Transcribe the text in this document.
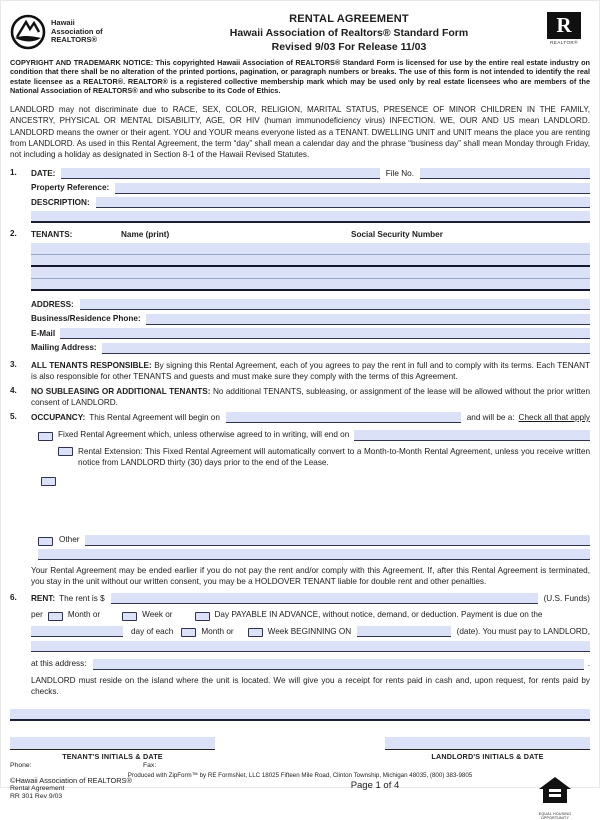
Hawaii
Association of
REALTORS®
RENTAL AGREEMENT
Hawaii Association of Realtors® Standard Form
Revised 9/03 For Release 11/03
R
REALTOR®
COPYRIGHT AND TRADEMARK NOTICE: This copyrighted Hawaii Association of REALTORS® Standard Form is licensed for use by the entire real estate industry on condition that there shall be no alteration of the printed portions, pagination, or paragraph numbers or breaks. The use of this form is not intended to identify the real estate licensee as a REALTOR®. REALTOR® is a registered collective membership mark which may be used only by real estate licensees who are members of the National Association of REALTORS® and who subscribe to its Code of Ethics.
LANDLORD may not discriminate due to RACE, SEX, COLOR, RELIGION, MARITAL STATUS, PRESENCE OF MINOR CHILDREN IN THE FAMILY, ANCESTRY, PHYSICAL OR MENTAL DISABILITY, AGE, OR HIV (human immunodeficiency virus) INFECTION. WE, OUR AND US mean LANDLORD. LANDLORD means the owner or their agent. YOU and YOUR means everyone listed as a TENANT. DWELLING UNIT and UNIT means the place you are renting from LANDLORD. As used in this Rental Agreement, the term “day” shall mean a calendar day and the phrase “business day” shall mean Monday through Friday, not including a holiday as designated in Section 8-1 of the Hawaii Revised Statutes.
1.	DATE:	File No.
Property Reference:
DESCRIPTION:
2.	TENANTS:	Name (print)	Social Security Number
ADDRESS:
Business/Residence Phone:
E-Mail
Mailing Address:
3.	ALL TENANTS RESPONSIBLE: By signing this Rental Agreement, each of you agrees to pay the rent in full and to comply with its terms. Each TENANT is also responsible for other TENANTS and guests and must make sure they comply with the terms of this Agreement.
4.	NO SUBLEASING OR ADDITIONAL TENANTS: No additional TENANTS, subleasing, or assignment of the lease will be allowed without the prior written consent of LANDLORD.
5.	OCCUPANCY: This Rental Agreement will begin on	and will be a: Check all that apply
Fixed Rental Agreement which, unless otherwise agreed to in writing, will end on
Rental Extension: This Fixed Rental Agreement will automatically convert to a Month-to-Month Rental Agreement, unless you receive written notice from LANDLORD thirty (30) days prior to the end of the Lease.
Other
Your Rental Agreement may be ended earlier if you do not pay the rent and/or comply with this Agreement. If, after this Rental Agreement is terminated, you stay in the unit without our written consent, you may be a HOLDOVER TENANT liable for double rent and other penalties.
6.	RENT: The rent is $	(U.S. Funds)
per	Month or	Week or	Day PAYABLE IN ADVANCE, without notice, demand, or deduction. Payment is due on the
day of each	Month or	Week BEGINNING ON	(date). You must pay to LANDLORD,
at this address:	.
LANDLORD must reside on the island where the unit is located. We will give you a receipt for rents paid in cash and, upon request, for rents paid by checks.
TENANT'S INITIALS & DATE	LANDLORD'S INITIALS & DATE
©Hawaii Association of REALTORS®
Rental Agreement
RR 301 Rev 9/03
Page 1 of 4
EQUAL HOUSING OPPORTUNITY
Phone:	Fax:
Produced with ZipForm™ by RE FormsNet, LLC 18025 Fifteen Mile Road, Clinton Township, Michigan 48035, (800) 383-9805
